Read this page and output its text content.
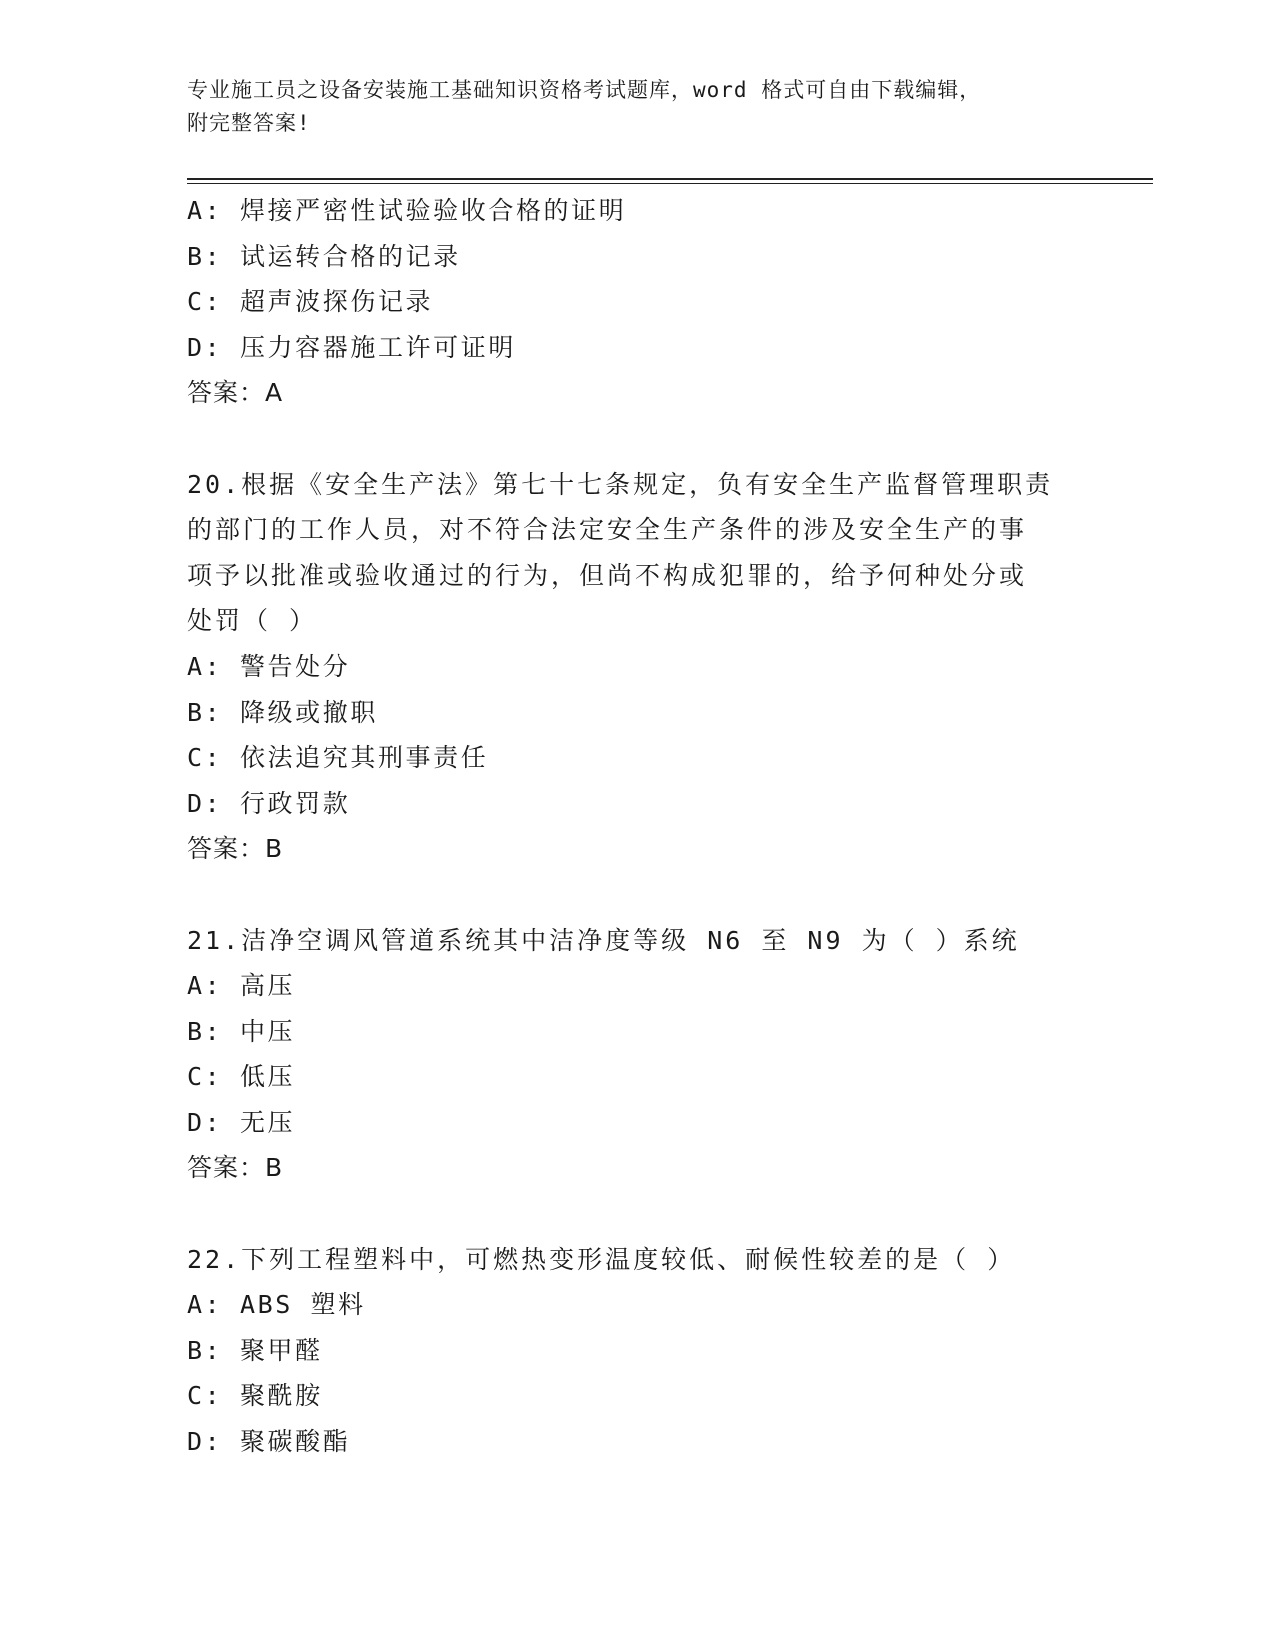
专业施工员之设备安装施工基础知识资格考试题库，word 格式可自由下载编辑，
附完整答案!
A: 焊接严密性试验验收合格的证明
B: 试运转合格的记录
C: 超声波探伤记录
D: 压力容器施工许可证明
答案：A
20.根据《安全生产法》第七十七条规定，负有安全生产监督管理职责
的部门的工作人员，对不符合法定安全生产条件的涉及安全生产的事
项予以批准或验收通过的行为，但尚不构成犯罪的，给予何种处分或
处罚（ ）
A: 警告处分
B: 降级或撤职
C: 依法追究其刑事责任
D: 行政罚款
答案：B
21.洁净空调风管道系统其中洁净度等级 N6 至 N9 为（ ）系统
A: 高压
B: 中压
C: 低压
D: 无压
答案：B
22.下列工程塑料中，可燃热变形温度较低、耐候性较差的是（ ）
A: ABS 塑料
B: 聚甲醛
C: 聚酰胺
D: 聚碳酸酯
